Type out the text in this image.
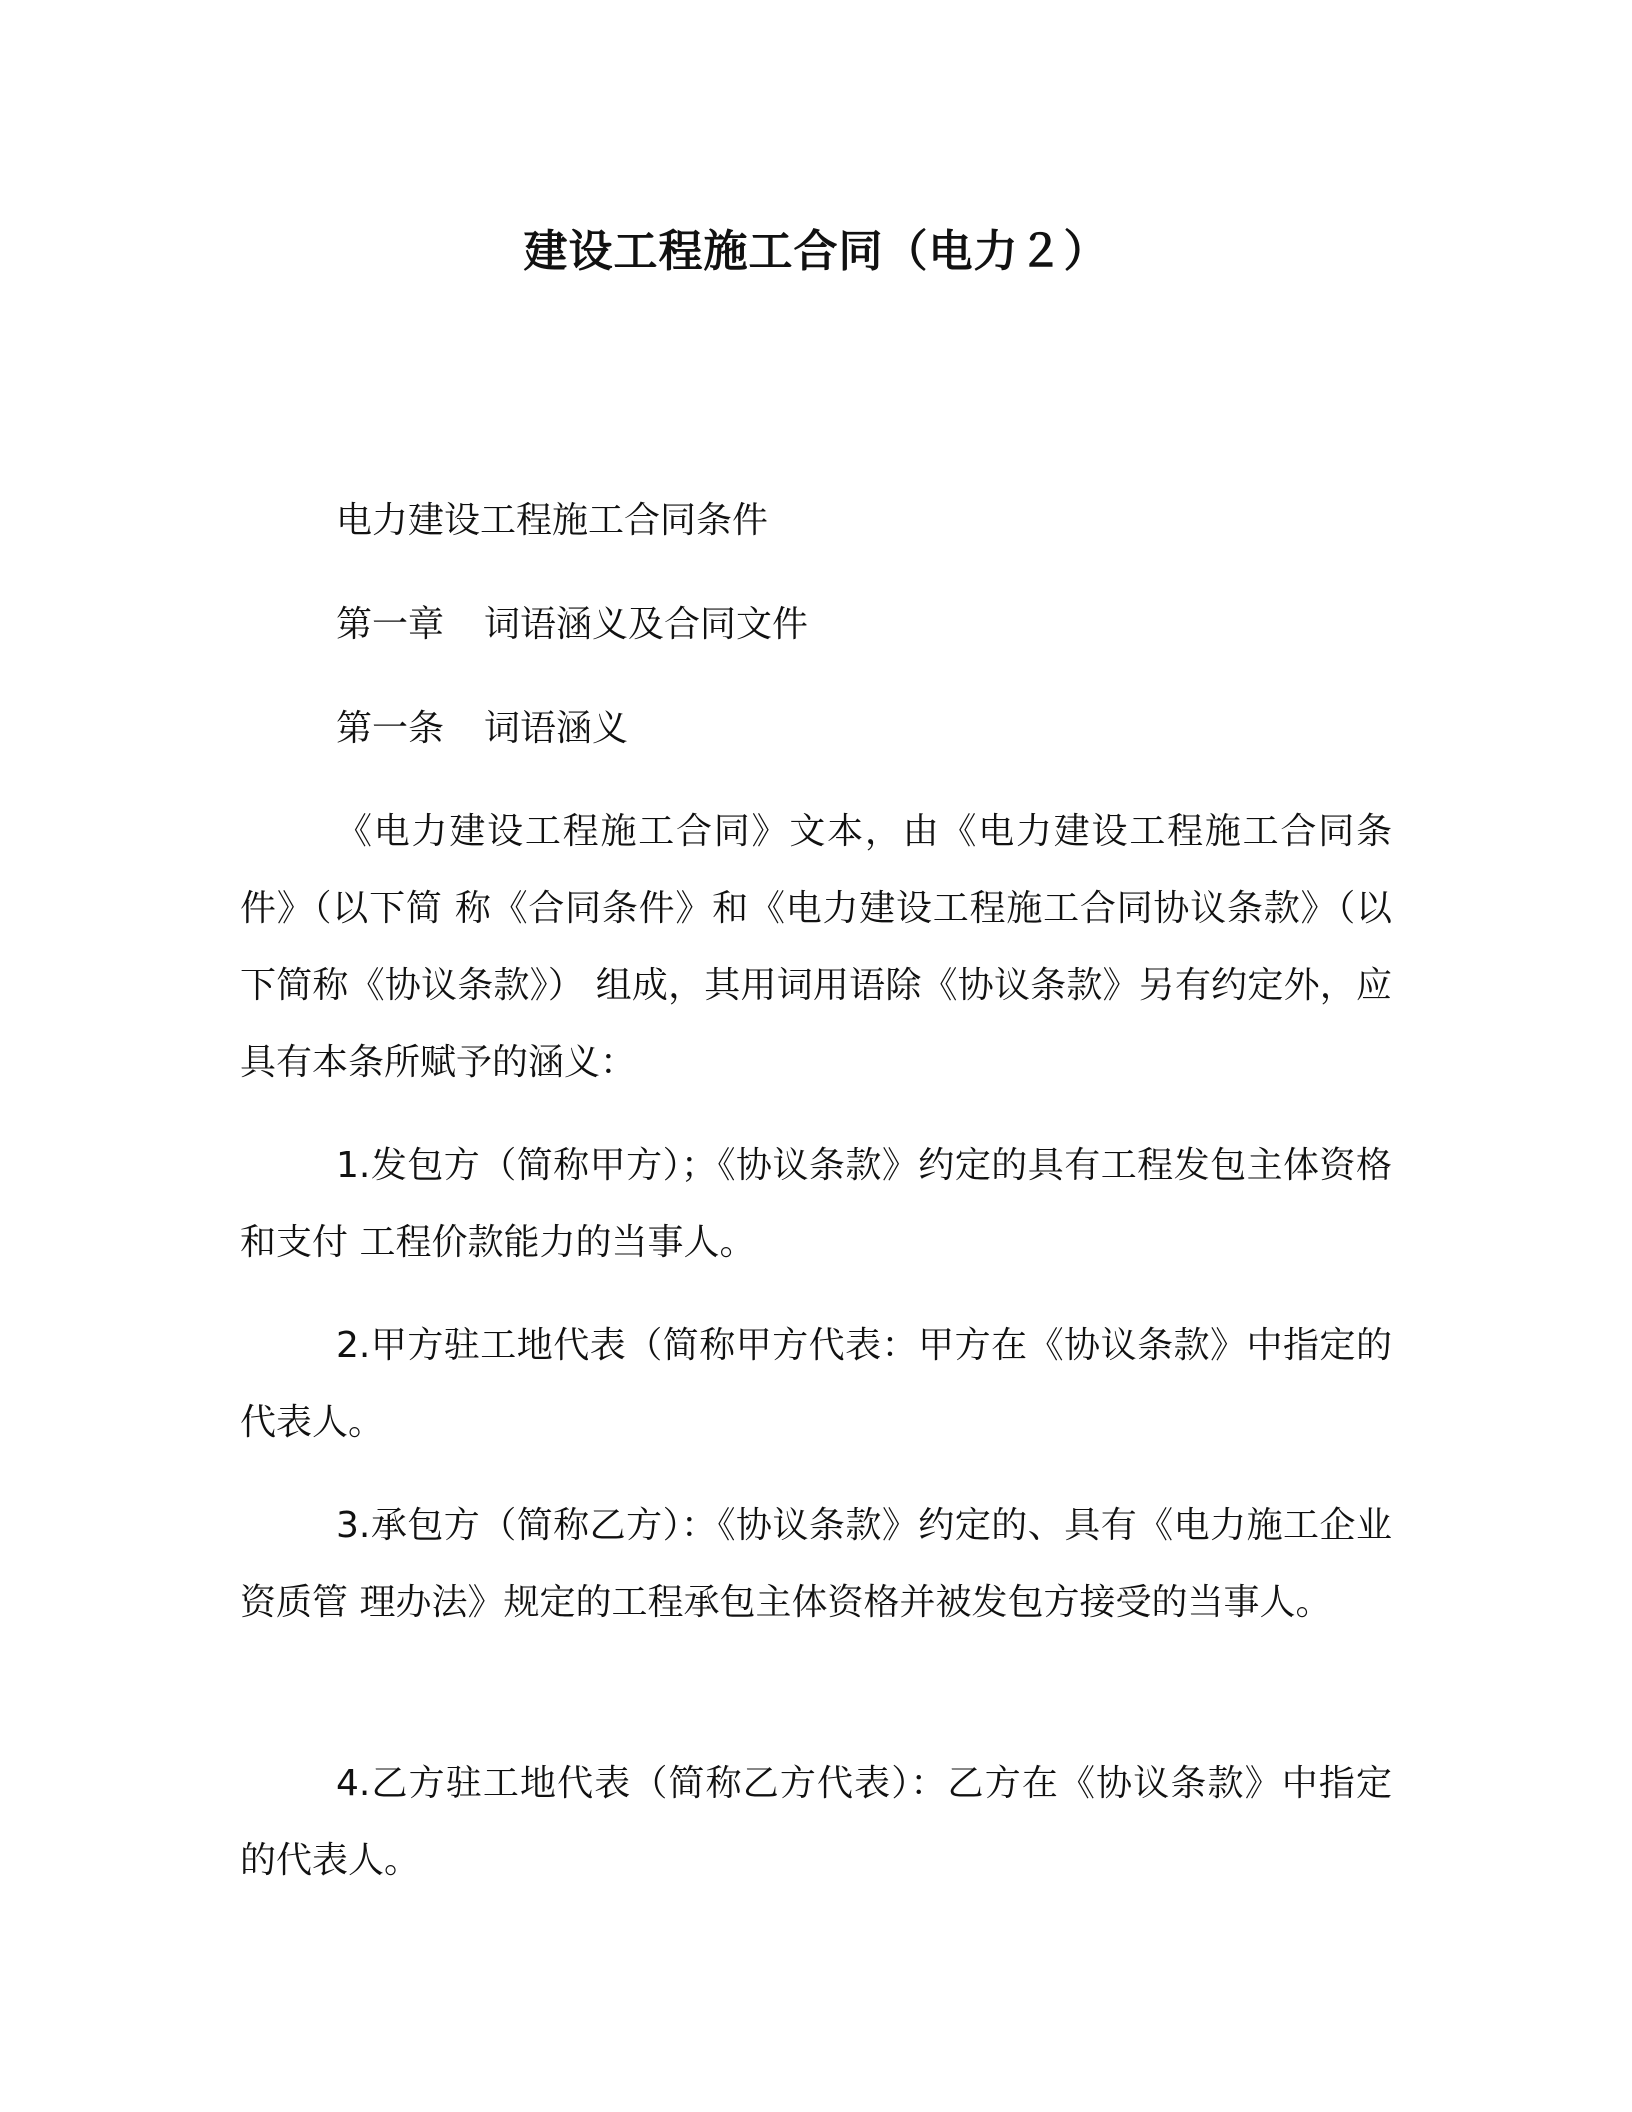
建设工程施工合同（电力２）

电力建设工程施工合同条件

第一章 词语涵义及合同文件

第一条 词语涵义

《电力建设工程施工合同》文本，由《电力建设工程施工合同条件》（以下简 称《合同条件》和《电力建设工程施工合同协议条款》（以下简称《协议条款》） 组成，其用词用语除《协议条款》另有约定外，应具有本条所赋予的涵义：

1.发包方（简称甲方）；《协议条款》约定的具有工程发包主体资格和支付 工程价款能力的当事人。

2.甲方驻工地代表（简称甲方代表：甲方在《协议条款》中指定的代表人。

3.承包方（简称乙方）：《协议条款》约定的、具有《电力施工企业资质管 理办法》规定的工程承包主体资格并被发包方接受的当事人。

4.乙方驻工地代表（简称乙方代表）：乙方在《协议条款》中指定的代表人。
